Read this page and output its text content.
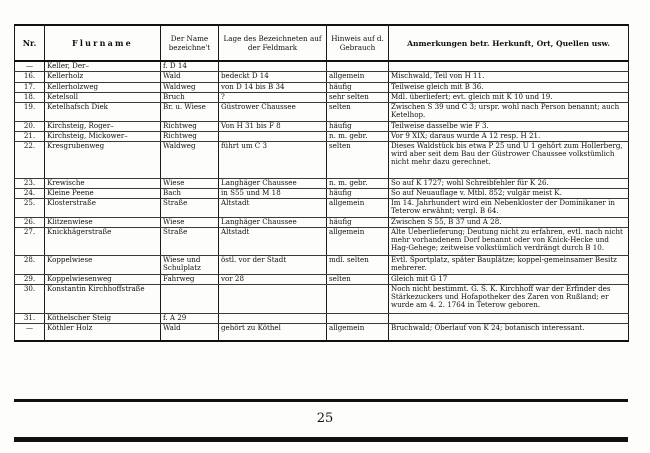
Nr.	Flurname	Der Name bezeichne't	Lage des Bezeichneten auf der Feldmark	Hinweis auf d. Gebrauch	Anmerkungen betr. Herkunft, Ort, Quellen usw.
—	Keller, Der–	f. D 14			
16.	Kellerholz	Wald	bedeckt D 14	allgemein	Mischwald, Teil von H 11.
17.	Kellerholzweg	Waldweg	von D 14 bis B 34	häufig	Teilweise gleich mit B 36.
18.	Ketelsoll	Bruch	?	sehr selten	Mdl. überliefert; evt. gleich mit K 10 und 19.
19.	Ketelhafsch Diek	Br. u. Wiese	Güstrower Chaussee	selten	Zwischen S 39 und C 3; urspr. wohl nach Person benannt; auch Ketelhop.
20.	Kirchsteig, Roger–	Richtweg	Von H 31 bis F 8	häufig	Teilweise dasselbe wie F 3.
21.	Kirchsteig, Mickower–	Richtweg		n. m. gebr.	Vor 9 XIX; daraus wurde A 12 resp. H 21.
22.	Kresgrubenweg	Waldweg	führt um C 3	selten	Dieses Waldstück bis etwa P 25 und U 1 gehört zum Hollerberg, wird aber seit dem Bau der Güstrower Chaussee volkstümlich nicht mehr dazu gerechnet.
23.	Krewische	Wiese	Langhäger Chaussee	n. m. gebr.	So auf K 1727; wohl Schreibfehler für K 26.
24.	Kleine Peene	Bach	in S55 und M 18	häufig	So auf Neuauflage v. Mtbl. 852; vulgär meist K.
25.	Klosterstraße	Straße	Altstadt	allgemein	Im 14. Jahrhundert wird ein Nebenkloster der Dominikaner in Teterow erwähnt; vergl. B 64.
26.	Klitzenwiese	Wiese	Langhäger Chaussee	häufig	Zwischen S 55, B 37 und A 28.
27.	Knickhägerstraße	Straße	Altstadt	allgemein	Alte Ueberlieferung; Deutung nicht zu erfahren, evtl. nach nicht mehr vorhandenem Dorf benannt oder von Knick-Hecke und Hag-Gehege; zeitweise volkstümlich verdrängt durch B 10.
28.	Koppelwiese	Wiese und Schulplatz	östl. vor der Stadt	mdl. selten	Evtl. Sportplatz, später Bauplätze; koppel-gemeinsamer Besitz mehrerer.
29.	Koppelwiesenweg	Fahrweg	vor 28	selten	Gleich mit G 17
30.	Konstantin Kirchhoffstraße				Noch nicht bestimmt. G. S. K. Kirchhoff war der Erfinder des Stärkezuckers und Hofapotheker des Zaren von Rußland; er wurde am 4. 2. 1764 in Teterow geboren.
31.	Köthelscher Steig	f. A 29			
—	Köthler Holz	Wald	gehört zu Köthel	allgemein	Bruchwald; Oberlauf von K 24; botanisch interessant.
25
